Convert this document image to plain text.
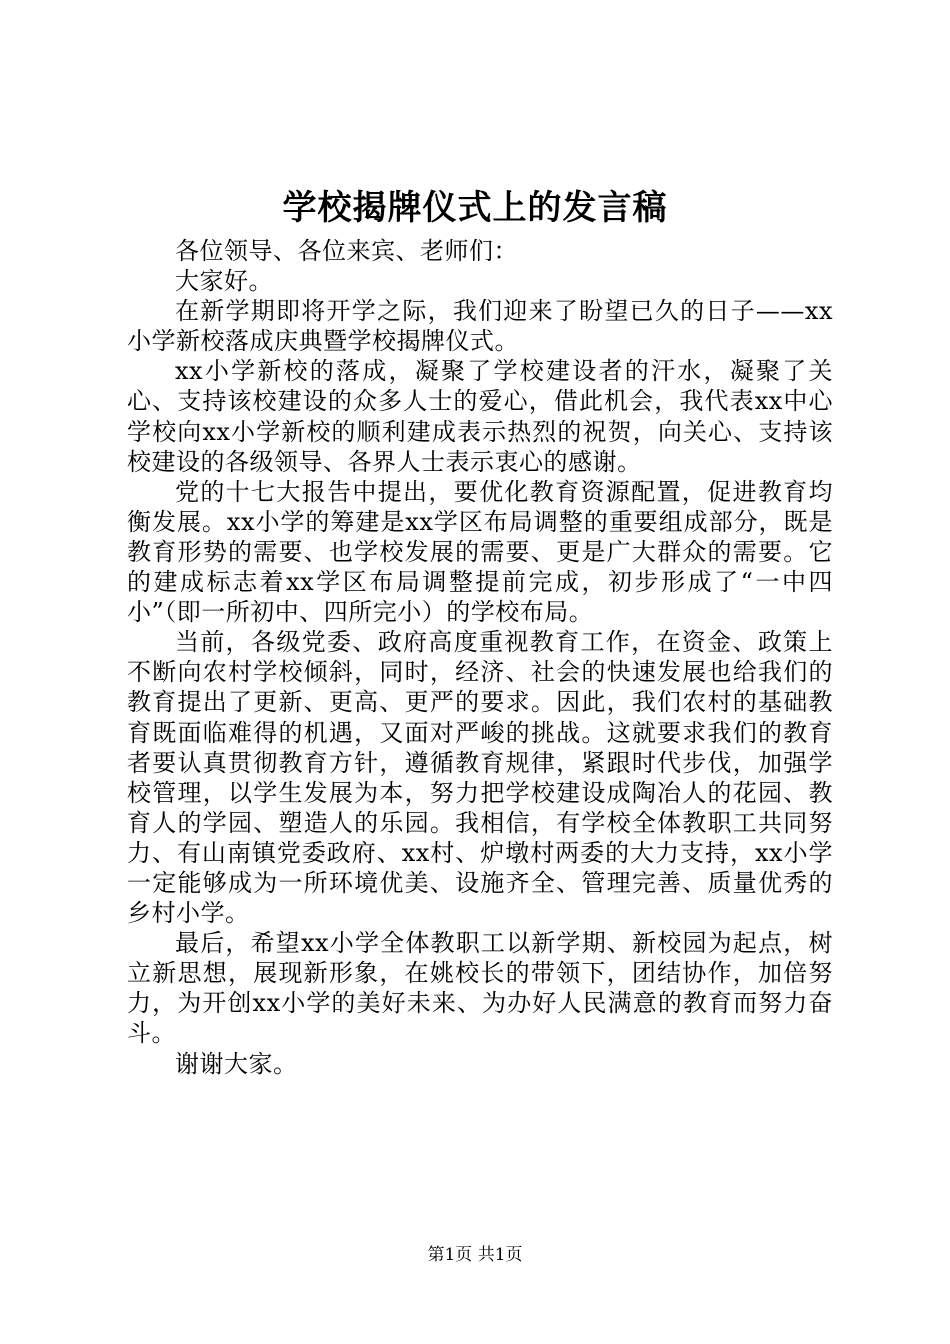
学校揭牌仪式上的发言稿

各位领导、各位来宾、老师们：

大家好。

在新学期即将开学之际，我们迎来了盼望已久的日子——xx小学新校落成庆典暨学校揭牌仪式。

xx小学新校的落成，凝聚了学校建设者的汗水，凝聚了关心、支持该校建设的众多人士的爱心，借此机会，我代表xx中心学校向xx小学新校的顺利建成表示热烈的祝贺，向关心、支持该校建设的各级领导、各界人士表示衷心的感谢。

党的十七大报告中提出，要优化教育资源配置，促进教育均衡发展。xx小学的筹建是xx学区布局调整的重要组成部分，既是教育形势的需要、也学校发展的需要、更是广大群众的需要。它的建成标志着xx学区布局调整提前完成，初步形成了“一中四小”（即一所初中、四所完小）的学校布局。

当前，各级党委、政府高度重视教育工作，在资金、政策上不断向农村学校倾斜，同时，经济、社会的快速发展也给我们的教育提出了更新、更高、更严的要求。因此，我们农村的基础教育既面临难得的机遇，又面对严峻的挑战。这就要求我们的教育者要认真贯彻教育方针，遵循教育规律，紧跟时代步伐，加强学校管理，以学生发展为本，努力把学校建设成陶冶人的花园、教育人的学园、塑造人的乐园。我相信，有学校全体教职工共同努力、有山南镇党委政府、xx村、炉墩村两委的大力支持，xx小学一定能够成为一所环境优美、设施齐全、管理完善、质量优秀的乡村小学。

最后，希望xx小学全体教职工以新学期、新校园为起点，树立新思想，展现新形象，在姚校长的带领下，团结协作，加倍努力，为开创xx小学的美好未来、为办好人民满意的教育而努力奋斗。

谢谢大家。

第1页 共1页
